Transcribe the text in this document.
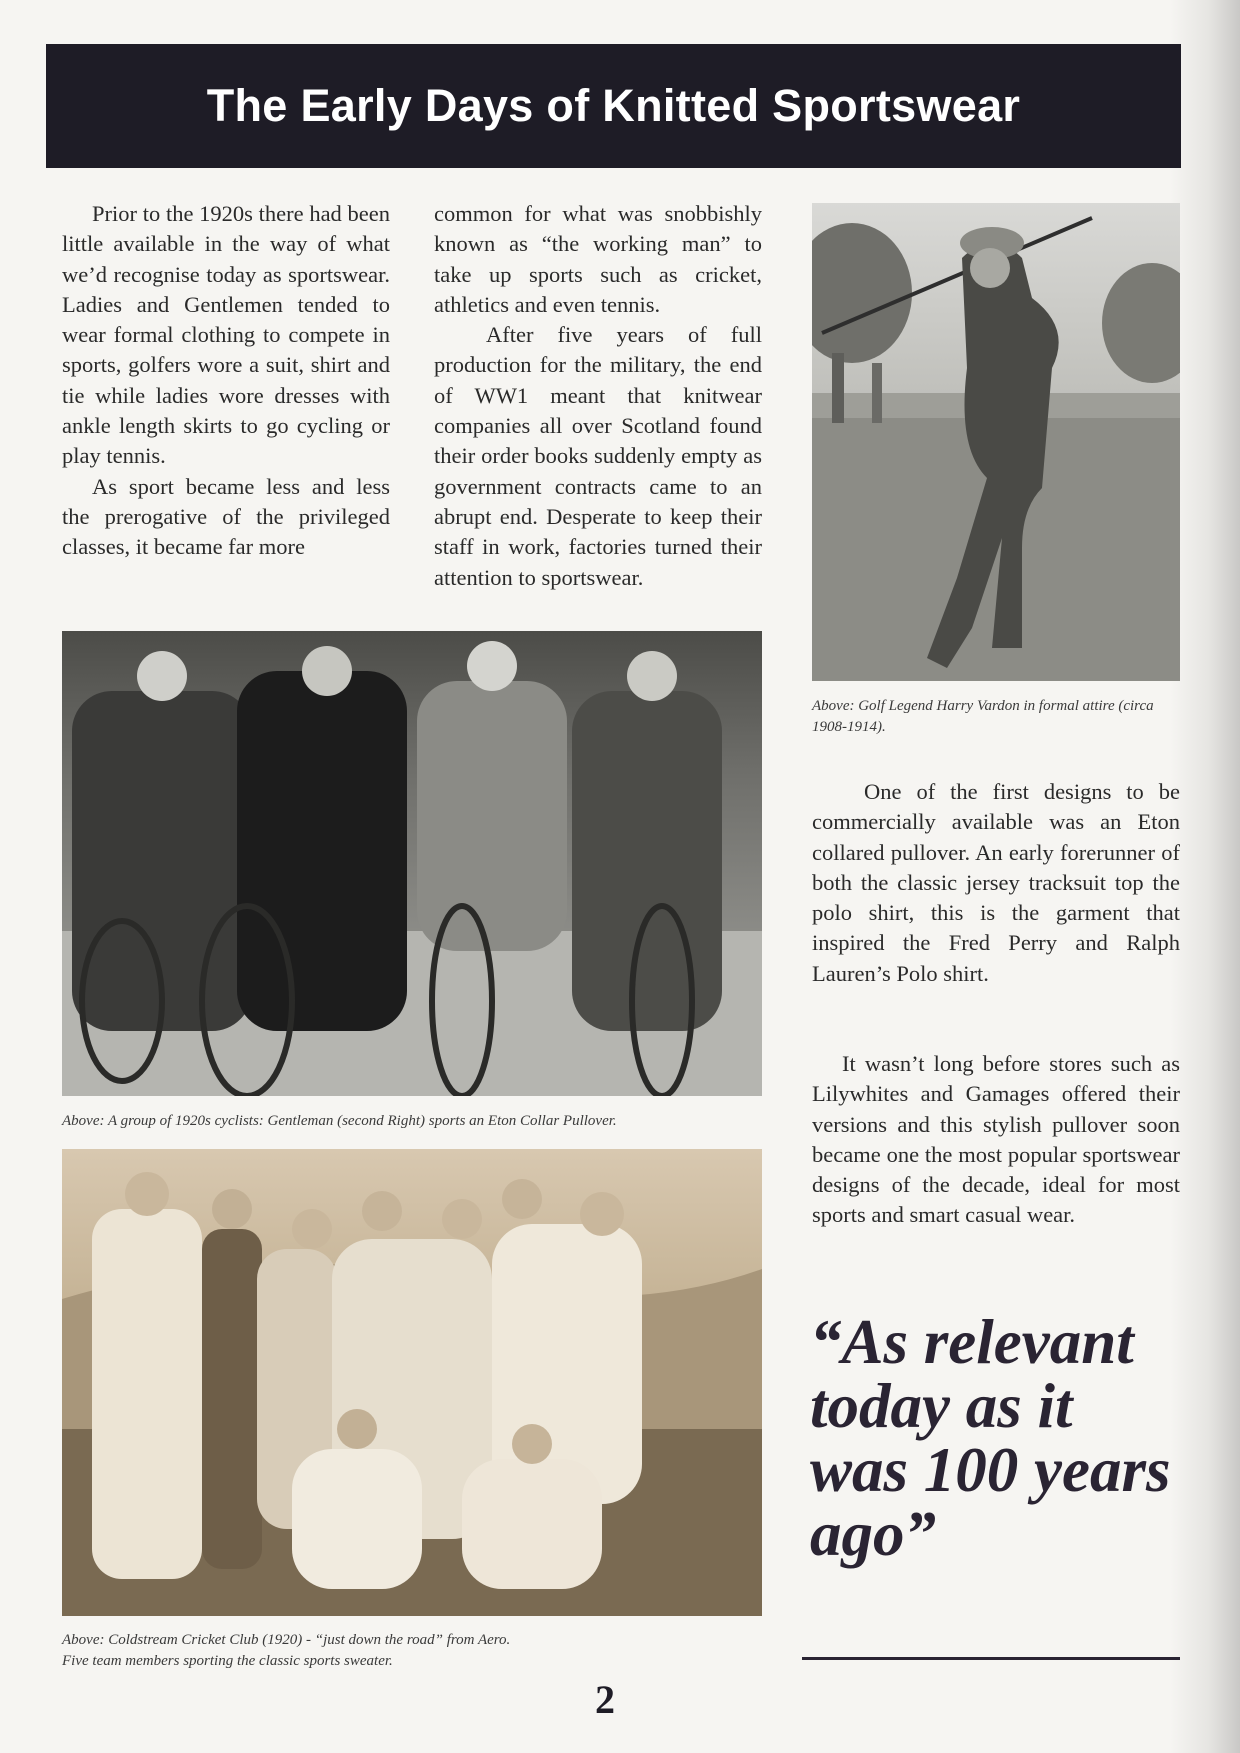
The Early Days of Knitted Sportswear

Prior to the 1920s there had been little available in the way of what we’d recognise today as sportswear. Ladies and Gentlemen tended to wear formal clothing to compete in sports, golfers wore a suit, shirt and tie while ladies wore dresses with ankle length skirts to go cycling or play tennis.

As sport became less and less the prerogative of the privileged classes, it became far more

common for what was snobbishly known as “the working man” to take up sports such as cricket, athletics and even tennis.

After five years of full production for the military, the end of WW1 meant that knitwear companies all over Scotland found their order books suddenly empty as government contracts came to an abrupt end. Desperate to keep their staff in work, factories turned their attention to sportswear.

Above: Golf Legend Harry Vardon in formal attire (circa 1908-1914).
Above: A group of 1920s cyclists: Gentleman (second Right) sports an Eton Collar Pullover.
Above: Coldstream Cricket Club (1920) - “just down the road” from Aero.
Five team members sporting the classic sports sweater.

One of the first designs to be commercially available was an Eton collared pullover. An early forerunner of both the classic jersey tracksuit top the polo shirt, this is the garment that inspired the Fred Perry and Ralph Lauren’s Polo shirt.

It wasn’t long before stores such as Lilywhites and Gamages offered their versions and this stylish pullover soon became one the most popular sportswear designs of the decade, ideal for most sports and smart casual wear.

“As relevant today as it was 100 years ago”
2
